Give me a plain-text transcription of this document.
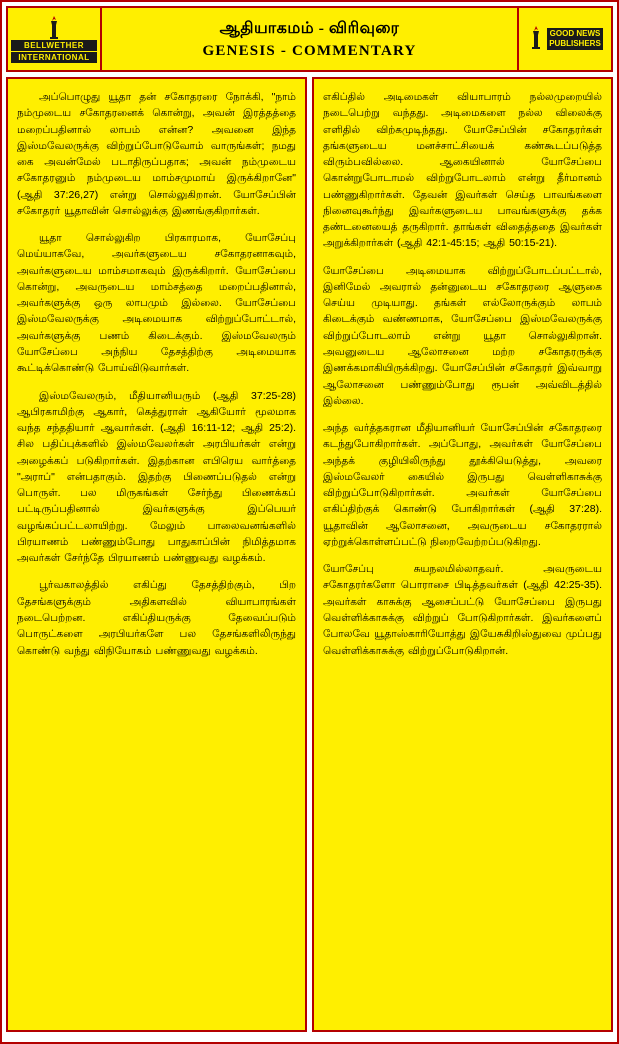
BELLWETHER
INTERNATIONAL
ஆதியாகமம் - விரிவுரை
GENESIS - COMMENTARY
GOOD NEWS
PUBLISHERS

அப்பொழுது யூதா தன் சகோதரரை நோக்கி, "நாம் நம்முடைய சகோதரனைக் கொன்று, அவன் இரத்தத்தை மறைப்பதினால் லாபம் என்ன? அவனை இந்த இஸ்மவேலருக்கு விற்றுப்போடுவோம் வாருங்கள்; நமது கை அவன்மேல் படாதிருப்பதாக; அவன் நம்முடைய சகோதரனும் நம்முடைய மாம்சமுமாய் இருக்கிறானே" (ஆதி 37:26,27) என்று சொல்லுகிறான். யோசேப்பின் சகோதரர் யூதாவின் சொல்லுக்கு இணங்குகிறார்கள்.

யூதா சொல்லுகிற பிரகாரமாக, யோசேப்பு மெய்யாகவே, அவர்களுடைய சகோதரனாகவும், அவர்களுடைய மாம்சமாகவும் இருக்கிறார். யோசேப்பை கொன்று, அவருடைய மாம்சத்தை மறைப்பதினால், அவர்களுக்கு ஒரு லாபமும் இல்லை. யோசேப்பை இஸ்மவேலருக்கு அடிமையாக விற்றுப்போட்டால், அவர்களுக்கு பணம் கிடைக்கும். இஸ்மவேலரும் யோசேப்பை அந்நிய தேசத்திற்கு அடிமையாக கூட்டிக்கொண்டு போய்விடுவார்கள்.

இஸ்மவேலரும், மீதியானியரும் (ஆதி 37:25-28) ஆபிரகாமிற்கு ஆகார், கெத்துராள் ஆகியோர் மூலமாக வந்த சந்ததியார் ஆவார்கள். (ஆதி 16:11-12; ஆதி 25:2). சில பதிப்புக்களில் இஸ்மவேலர்கள் அரபியர்கள் என்று அழைக்கப் படுகிறார்கள். இதற்கான எபிரெய வார்த்தை "அராப்" என்பதாகும். இதற்கு பிணைப்படுதல் என்று பொருள். பல மிருகங்கள் சேர்ந்து பிணைக்கப் பட்டிருப்பதினால் இவர்களுக்கு இப்பெயர் வழங்கப்பட்டலாயிற்று. மேலும் பாலைவனங்களில் பிரயாணம் பண்ணும்போது பாதுகாப்பின் நிமித்தமாக அவர்கள் சேர்ந்தே பிரயாணம் பண்ணுவது வழக்கம்.

பூர்வகாலத்தில் எகிப்து தேசத்திற்கும், பிற தேசங்களுக்கும் அதிகளவில் வியாபாரங்கள் நடைபெற்றன. எகிப்தியருக்கு தேவைப்படும் பொருட்களை அரபியர்களே பல தேசங்களிலிருந்து கொண்டு வந்து விநியோகம் பண்ணுவது வழக்கம்.

எகிப்தில் அடிமைகள் வியாபாரம் நல்லமுறையில் நடைபெற்று வந்தது. அடிமைகளை நல்ல விலைக்கு எளிதில் விற்கமுடிந்தது. யோசேப்பின் சகோதரர்கள் தங்களுடைய மனச்சாட்சியைக் கண்கூடப்படுத்த விரும்பவில்லை. ஆகையினால் யோசேப்பை கொன்றுபோடாமல் விற்றுபோடலாம் என்று தீர்மானம் பண்ணுகிறார்கள். தேவன் இவர்கள் செய்த பாவங்களை நினைவுகூர்ந்து இவர்களுடைய பாவங்களுக்கு தக்க தண்டனையைத் தருகிறார். தாங்கள் விதைத்ததை இவர்கள் அறுக்கிறார்கள் (ஆதி 42:1-45:15; ஆதி 50:15-21).

யோசேப்பை அடிமையாக விற்றுப்போடப்பட்டால், இனிமேல் அவரால் தன்னுடைய சகோதரரை ஆளுகை செய்ய முடியாது. தங்கள் எல்லோருக்கும் லாபம் கிடைக்கும் வண்ணமாக, யோசேப்பை இஸ்மவேலருக்கு விற்றுப்போடலாம் என்று யூதா சொல்லுகிறான். அவனுடைய ஆலோசனை மற்ற சகோதரருக்கு இணக்கமாகியிருக்கிறது. யோசேப்பின் சகோதரர் இவ்வாறு ஆலோசனை பண்ணும்போது ரூபன் அவ்விடத்தில் இல்லை.

அந்த வர்த்தகரான மீதியானியர் யோசேப்பின் சகோதரரை கடந்துபோகிறார்கள். அப்போது, அவர்கள் யோசேப்பை அந்தக் குழியிலிருந்து தூக்கியெடுத்து, அவரை இஸ்மவேலர் கையில் இருபது வெள்ளிகாசுக்கு விற்றுப்போடுகிறார்கள். அவர்கள் யோசேப்பை எகிப்திற்குக் கொண்டு போகிறார்கள் (ஆதி 37:28). யூதாவின் ஆலோசனை, அவருடைய சகோதரரால் ஏற்றுக்கொள்ளப்பட்டு நிறைவேற்றப்படுகிறது.

யோசேப்பு சுயநலமில்லாதவர். அவருடைய சகோதரர்களோ பொராசை பிடித்தவர்கள் (ஆதி 42:25-35). அவர்கள் காசுக்கு ஆசைப்பட்டு யோசேப்பை இருபது வெள்ளிக்காசுக்கு விற்றுப் போடுகிறார்கள். இவர்களைப் போலவே யூதாஸ்காரியோத்து இயேசுகிறிஸ்துவை முப்பது வெள்ளிக்காசுக்கு விற்றுப்போடுகிறான்.
